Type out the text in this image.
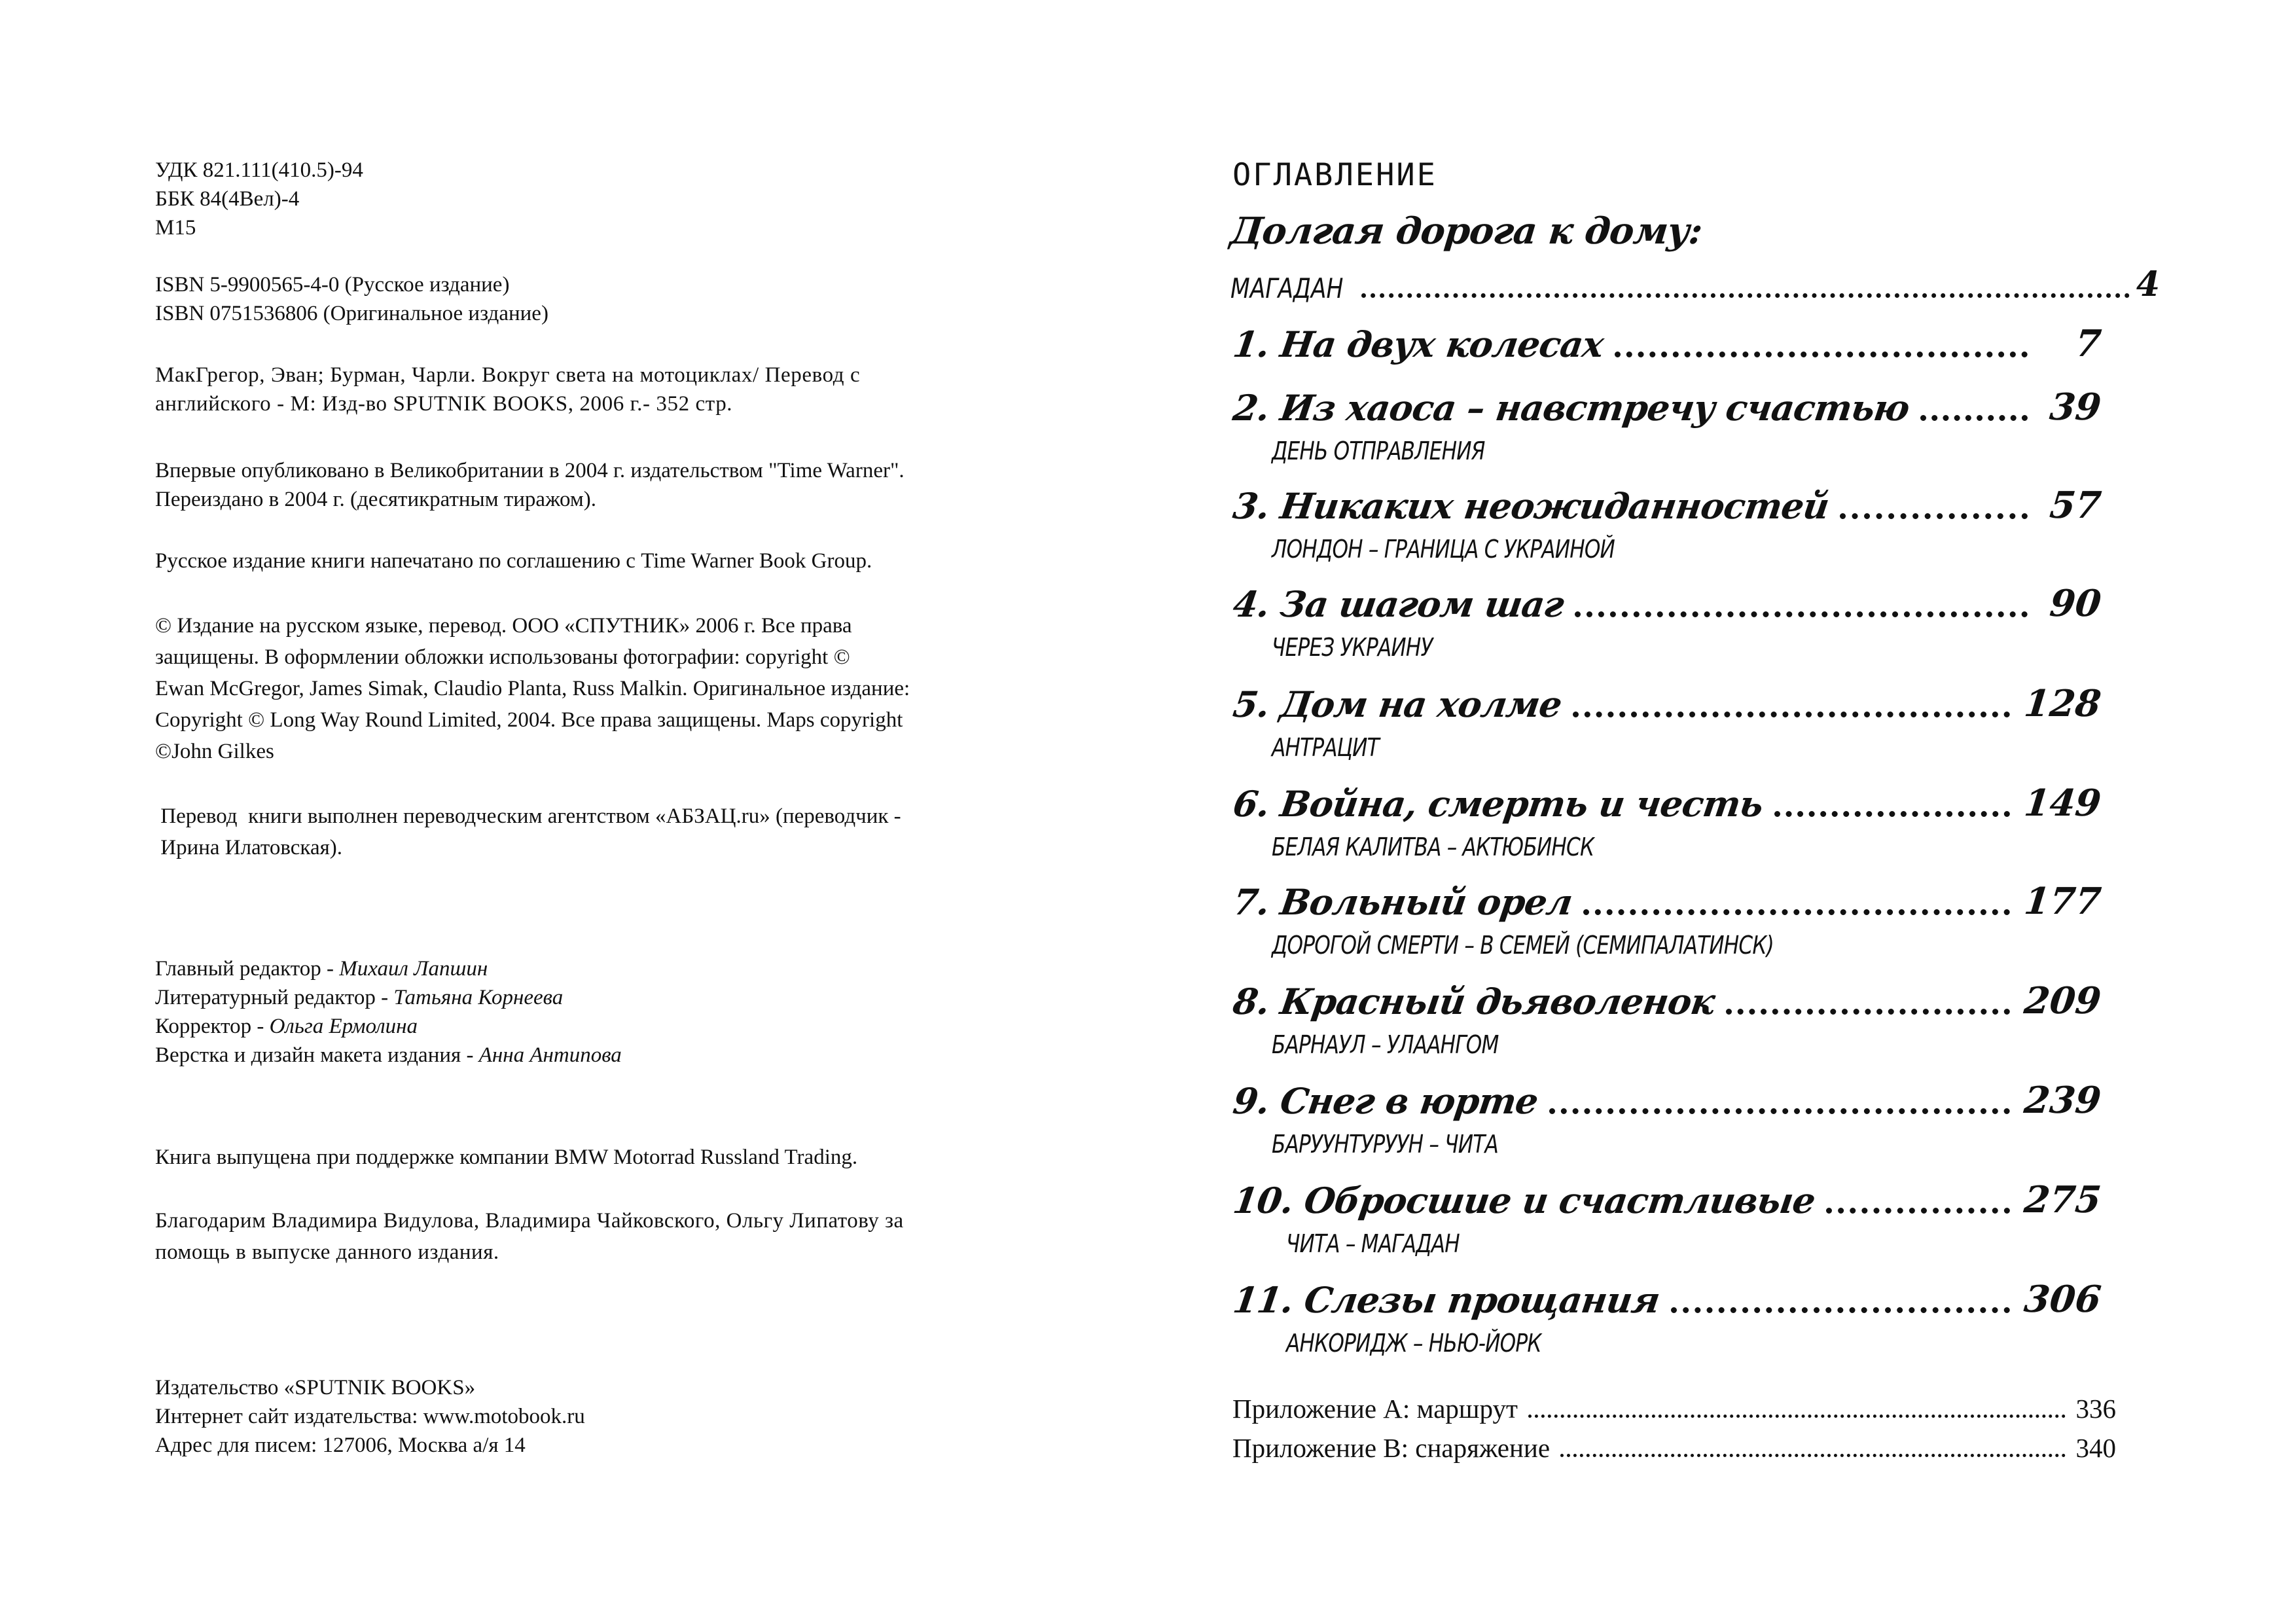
УДК 821.111(410.5)-94
ББК 84(4Вел)-4
М15
ISBN 5-9900565-4-0 (Русское издание)
ISBN 0751536806 (Оригинальное издание)
МакГрегор, Эван; Бурман, Чарли. Вокруг света на мотоциклах/ Перевод с
английского - М: Изд-во SPUTNIK BOOKS, 2006 г.- 352 стр.
Впервые опубликовано в Великобритании в 2004 г. издательством "Time Warner".
Переиздано в 2004 г. (десятикратным тиражом).
Русское издание книги напечатано по соглашению с Time Warner Book Group.
© Издание на русском языке, перевод. ООО «СПУТНИК» 2006 г. Все права
защищены. В оформлении обложки использованы фотографии: copyright ©
Ewan McGregor, James Simak, Claudio Planta, Russ Malkin. Оригинальное издание:
Copyright © Long Way Round Limited, 2004. Все права защищены. Maps copyright
©John Gilkes
Перевод  книги выполнен переводческим агентством «АБЗАЦ.ru» (переводчик -
Ирина Илатовская).
Главный редактор - Михаил Лапшин
Литературный редактор - Татьяна Корнеева
Корректор - Ольга Ермолина
Верстка и дизайн макета издания - Анна Антипова
Книга выпущена при поддержке компании BMW Motorrad Russland Trading.
Благодарим Владимира Видулова, Владимира Чайковского, Ольгу Липатову за
помощь в выпуске данного издания.
Издательство «SPUTNIK BOOKS»
Интернет сайт издательства: www.motobook.ru
Адрес для писем: 127006, Москва а/я 14
ОГЛАВЛЕНИЕ
Долгая дорога к дому:
МАГАДАН	4
1. На двух колесах	7
2. Из хаоса – навстречу счастью	39
ДЕНЬ ОТПРАВЛЕНИЯ
3. Никаких неожиданностей	57
ЛОНДОН – ГРАНИЦА С УКРАИНОЙ
4. За шагом шаг	90
ЧЕРЕЗ УКРАИНУ
5. Дом на холме	128
АНТРАЦИТ
6. Война, смерть и честь	149
БЕЛАЯ КАЛИТВА – АКТЮБИНСК
7. Вольный орел	177
ДОРОГОЙ СМЕРТИ – В СЕМЕЙ (СЕМИПАЛАТИНСК)
8. Красный дьяволенок	209
БАРНАУЛ – УЛААНГОМ
9. Снег в юрте	239
БАРУУНТУРУУН – ЧИТА
10. Обросшие и счастливые	275
ЧИТА – МАГАДАН
11. Слезы прощания	306
АНКОРИДЖ – НЬЮ-ЙОРК
Приложение А: маршрут	336
Приложение В: снаряжение	340
